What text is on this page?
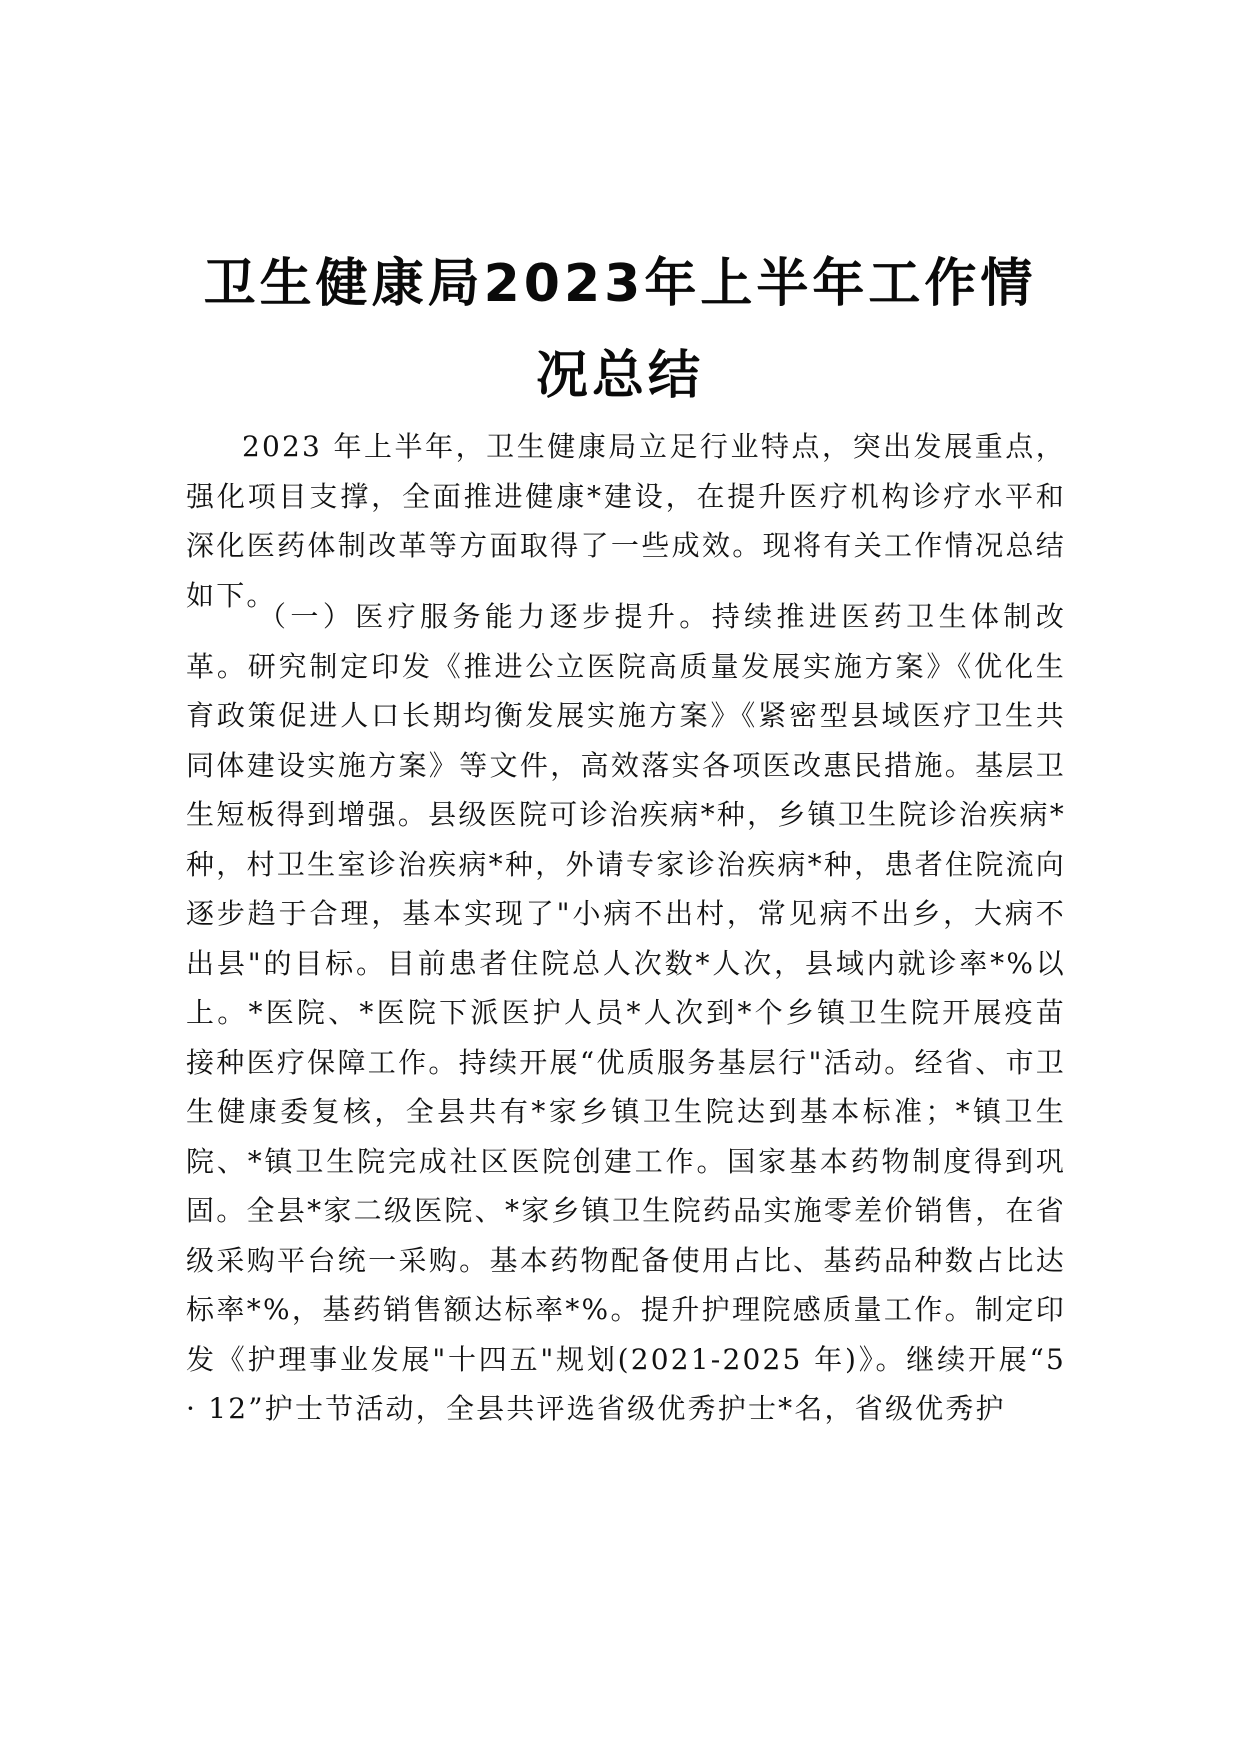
卫生健康局2023年上半年工作情
况总结

2023 年上半年，卫生健康局立足行业特点，突出发展重点，强化项目支撑，全面推进健康*建设，在提升医疗机构诊疗水平和深化医药体制改革等方面取得了一些成效。现将有关工作情况总结如下。

（一）医疗服务能力逐步提升。持续推进医药卫生体制改革。研究制定印发《推进公立医院高质量发展实施方案》《优化生育政策促进人口长期均衡发展实施方案》《紧密型县域医疗卫生共同体建设实施方案》等文件，高效落实各项医改惠民措施。基层卫生短板得到增强。县级医院可诊治疾病*种，乡镇卫生院诊治疾病*种，村卫生室诊治疾病*种，外请专家诊治疾病*种，患者住院流向逐步趋于合理，基本实现了"小病不出村，常见病不出乡，大病不出县"的目标。目前患者住院总人次数*人次，县域内就诊率*%以上。*医院、*医院下派医护人员*人次到*个乡镇卫生院开展疫苗接种医疗保障工作。持续开展“优质服务基层行"活动。经省、市卫生健康委复核，全县共有*家乡镇卫生院达到基本标准；*镇卫生院、*镇卫生院完成社区医院创建工作。国家基本药物制度得到巩固。全县*家二级医院、*家乡镇卫生院药品实施零差价销售，在省级采购平台统一采购。基本药物配备使用占比、基药品种数占比达标率*%，基药销售额达标率*%。提升护理院感质量工作。制定印发《护理事业发展"十四五"规划(2021-2025 年)》。继续开展“5 · 12”护士节活动，全县共评选省级优秀护士*名，省级优秀护
